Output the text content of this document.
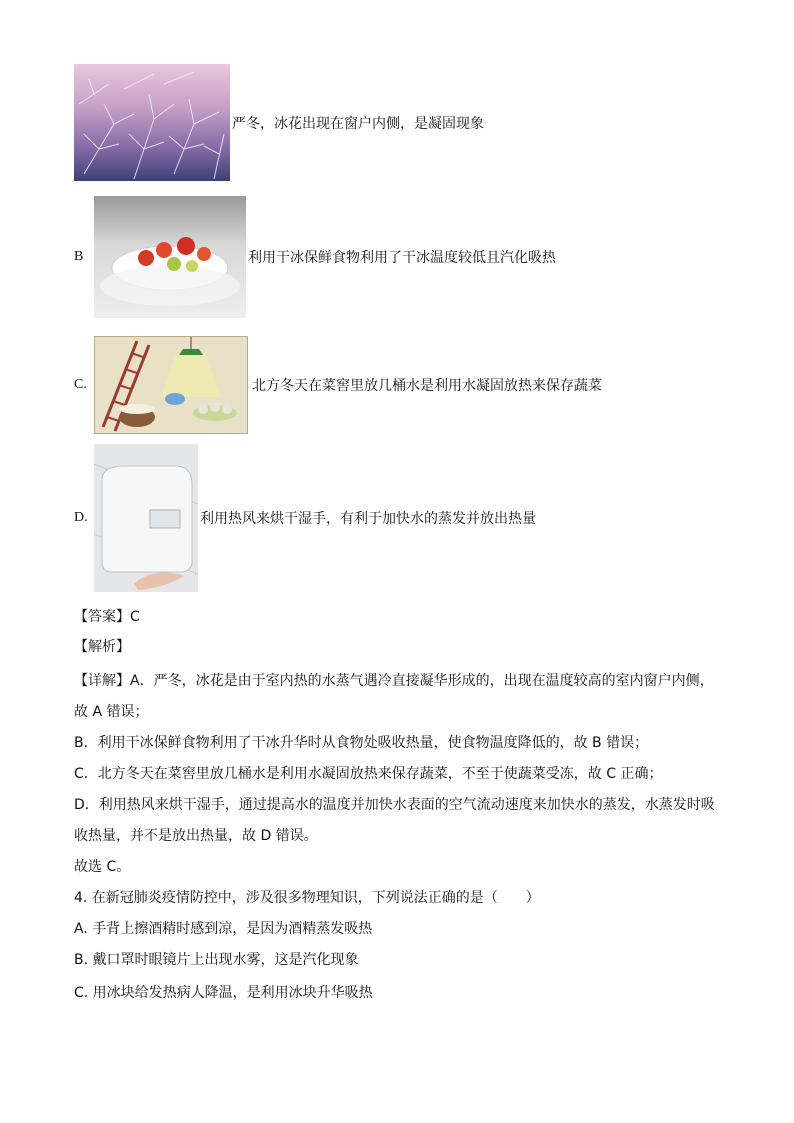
严冬，冰花出现在窗户内侧，是凝固现象
B	利用干冰保鲜食物利用了干冰温度较低且汽化吸热
C.	北方冬天在菜窖里放几桶水是利用水凝固放热来保存蔬菜
D.	利用热风来烘干湿手，有利于加快水的蒸发并放出热量
【答案】C
【解析】
【详解】A．严冬，冰花是由于室内热的水蒸气遇冷直接凝华形成的，出现在温度较高的室内窗户内侧，
故 A 错误；
B．利用干冰保鲜食物利用了干冰升华时从食物处吸收热量，使食物温度降低的，故 B 错误；
C．北方冬天在菜窖里放几桶水是利用水凝固放热来保存蔬菜，不至于使蔬菜受冻，故 C 正确；
D．利用热风来烘干湿手，通过提高水的温度并加快水表面的空气流动速度来加快水的蒸发，水蒸发时吸
收热量，并不是放出热量，故 D 错误。
故选 C。
4. 在新冠肺炎疫情防控中，涉及很多物理知识，下列说法正确的是（　　）
A. 手背上擦酒精时感到凉，是因为酒精蒸发吸热
B. 戴口罩时眼镜片上出现水雾，这是汽化现象
C. 用冰块给发热病人降温，是利用冰块升华吸热
